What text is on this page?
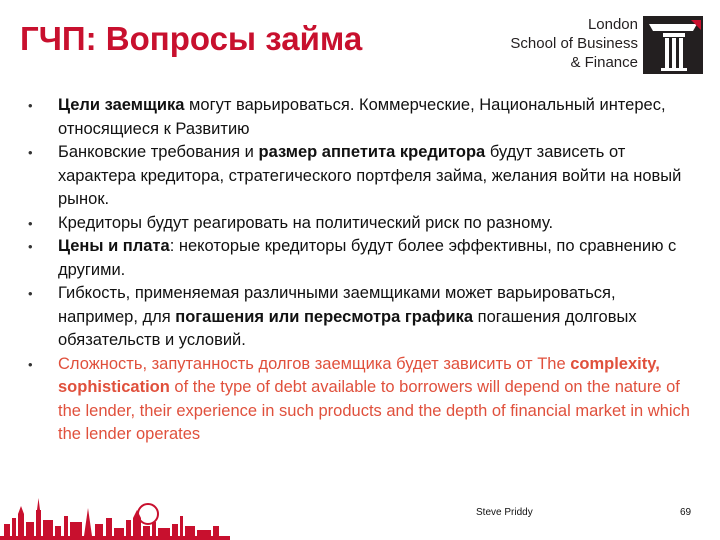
ГЧП: Вопросы займа	London
School of Business
& Finance
• Цели заемщика могут варьироваться. Коммерческие, Национальный интерес, относящиеся к Развитию
• Банковские требования и размер аппетита кредитора будут зависеть от характера кредитора, стратегического портфеля займа, желания войти на новый рынок.
• Кредиторы будут реагировать на политический риск по разному.
• Цены и плата: некоторые кредиторы будут более эффективны, по сравнению с другими.
• Гибкость, применяемая различными заемщиками может варьироваться, например, для погашения или пересмотра графика погашения долговых обязательств и условий.
• Сложность, запутанность долгов заемщика будет зависить от The complexity, sophistication of the type of debt available to borrowers will depend on the nature of the lender, their experience in such products and the depth of financial market in which the lender operates
Steve Priddy	69
